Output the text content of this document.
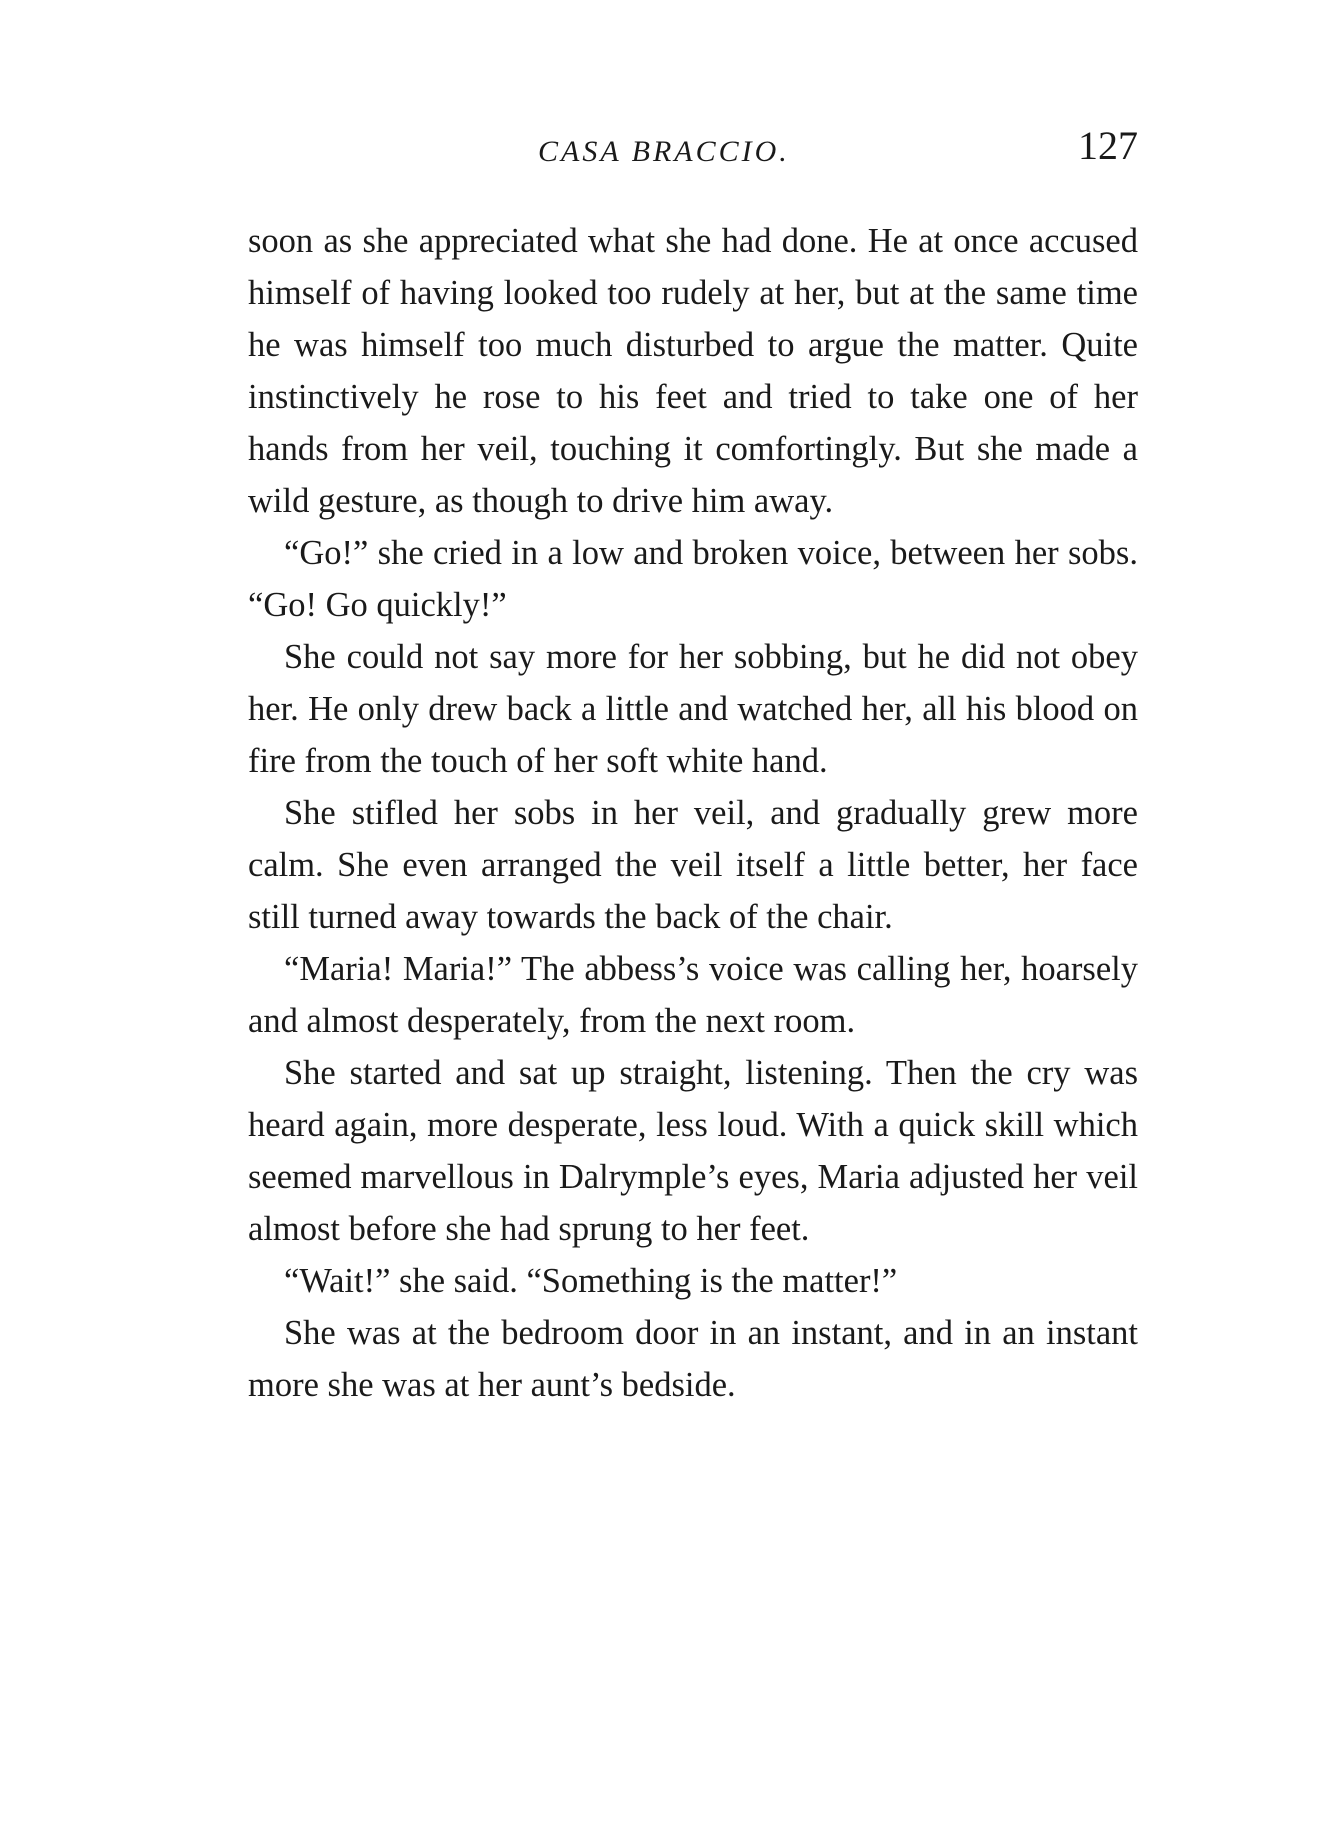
CASA BRACCIO.	127

soon as she appreciated what she had done. He at once accused himself of having looked too rudely at her, but at the same time he was himself too much disturbed to argue the matter. Quite instinctively he rose to his feet and tried to take one of her hands from her veil, touching it comfortingly. But she made a wild gesture, as though to drive him away.

“Go!” she cried in a low and broken voice, between her sobs. “Go! Go quickly!”

She could not say more for her sobbing, but he did not obey her. He only drew back a little and watched her, all his blood on fire from the touch of her soft white hand.

She stifled her sobs in her veil, and gradually grew more calm. She even arranged the veil itself a little better, her face still turned away towards the back of the chair.

“Maria! Maria!” The abbess’s voice was calling her, hoarsely and almost desperately, from the next room.

She started and sat up straight, listening. Then the cry was heard again, more desperate, less loud. With a quick skill which seemed marvellous in Dalrymple’s eyes, Maria adjusted her veil almost before she had sprung to her feet.

“Wait!” she said. “Something is the matter!”

She was at the bedroom door in an instant, and in an instant more she was at her aunt’s bedside.
